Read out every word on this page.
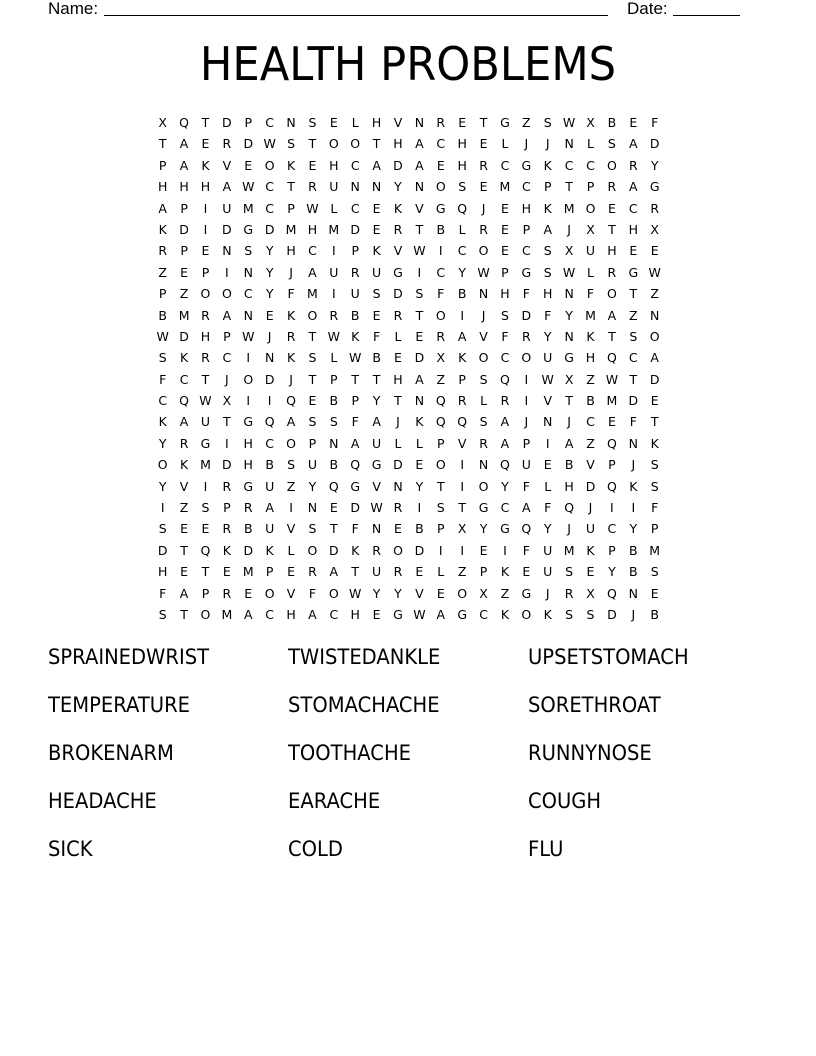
Name:	Date:
HEALTH PROBLEMS
X Q	T	D	P	C N	S	E	L	H V N R	E	T	G Z	S W X	B	E	F
T	A	E	R D W S	T	O O	T	H A	C H	E	L	J	J	N	L	S	A D
P	A	K	V	E	O K	E	H C	A D A	E	H R	C G K	C	C O R	Y
H H H A W C	T	R U N N	Y	N O	S	E M C	P	T	P	R	A G
A	P	I	U M C	P W L	C	E	K	V G Q	J	E	H	K M O	E	C	R
K D	I	D G D M H M D	E	R	T	B	L	R	E	P	A	J	X	T	H X
R	P	E	N	S	Y	H C	I	P	K	V W	I	C O	E	C	S	X	U H	E	E
Z	E	P	I	N	Y	J	A	U R U G	I	C	Y W P	G	S W L	R G W
P	Z O O C	Y	F M	I	U	S	D	S	F	B N H	F	H N	F	O	T	Z
B M R	A N	E	K O R	B	E	R	T	O	I	J	S	D	F	Y M A	Z N
W D H	P W	J	R	T W K	F	L	E	R	A	V	F	R	Y	N	K	T	S	O
S	K	R	C	I	N	K	S	L W B	E	D X	K O C O U G H Q C	A
F	C	T	J	O D	J	T	P	T	T	H A	Z	P	S	Q	I	W X	Z W T	D
C Q W X	I	I	Q	E	B	P	Y	T	N Q R	L	R	I	V	T	B M D	E
K	A	U	T	G Q A	S	S	F	A	J	K Q Q	S	A	J	N	J	C	E	F	T
Y	R G	I	H C O	P	N A	U	L	L	P	V	R	A	P	I	A	Z Q N	K
O K M D H B	S	U	B Q G D	E	O	I	N Q U	E	B	V	P	J	S
Y	V	I	R G U	Z	Y	Q G V N	Y	T	I	O	Y	F	L	H D Q K	S
I	Z	S	P	R	A	I	N	E	D W R	I	S	T	G C	A	F	Q	J	I	I	F
S	E	E	R	B	U	V	S	T	F	N	E	B	P	X	Y	G Q	Y	J	U C	Y	P
D	T	Q K D K	L	O D K	R O D	I	I	E	I	F	U M K	P	B M
H	E	T	E M P	E	R	A	T	U R	E	L	Z	P	K	E	U	S	E	Y	B	S
F	A	P	R	E	O V	F	O W Y	Y	V	E	O X	Z G	J	R	X Q N	E
S	T	O M A	C H A	C H	E	G W A G C	K O K	S	S	D	J	B
SPRAINEDWRIST	TWISTEDANKLE	UPSETSTOMACH
TEMPERATURE	STOMACHACHE	SORETHROAT
BROKENARM	TOOTHACHE	RUNNYNOSE
HEADACHE	EARACHE	COUGH
SICK	COLD	FLU
